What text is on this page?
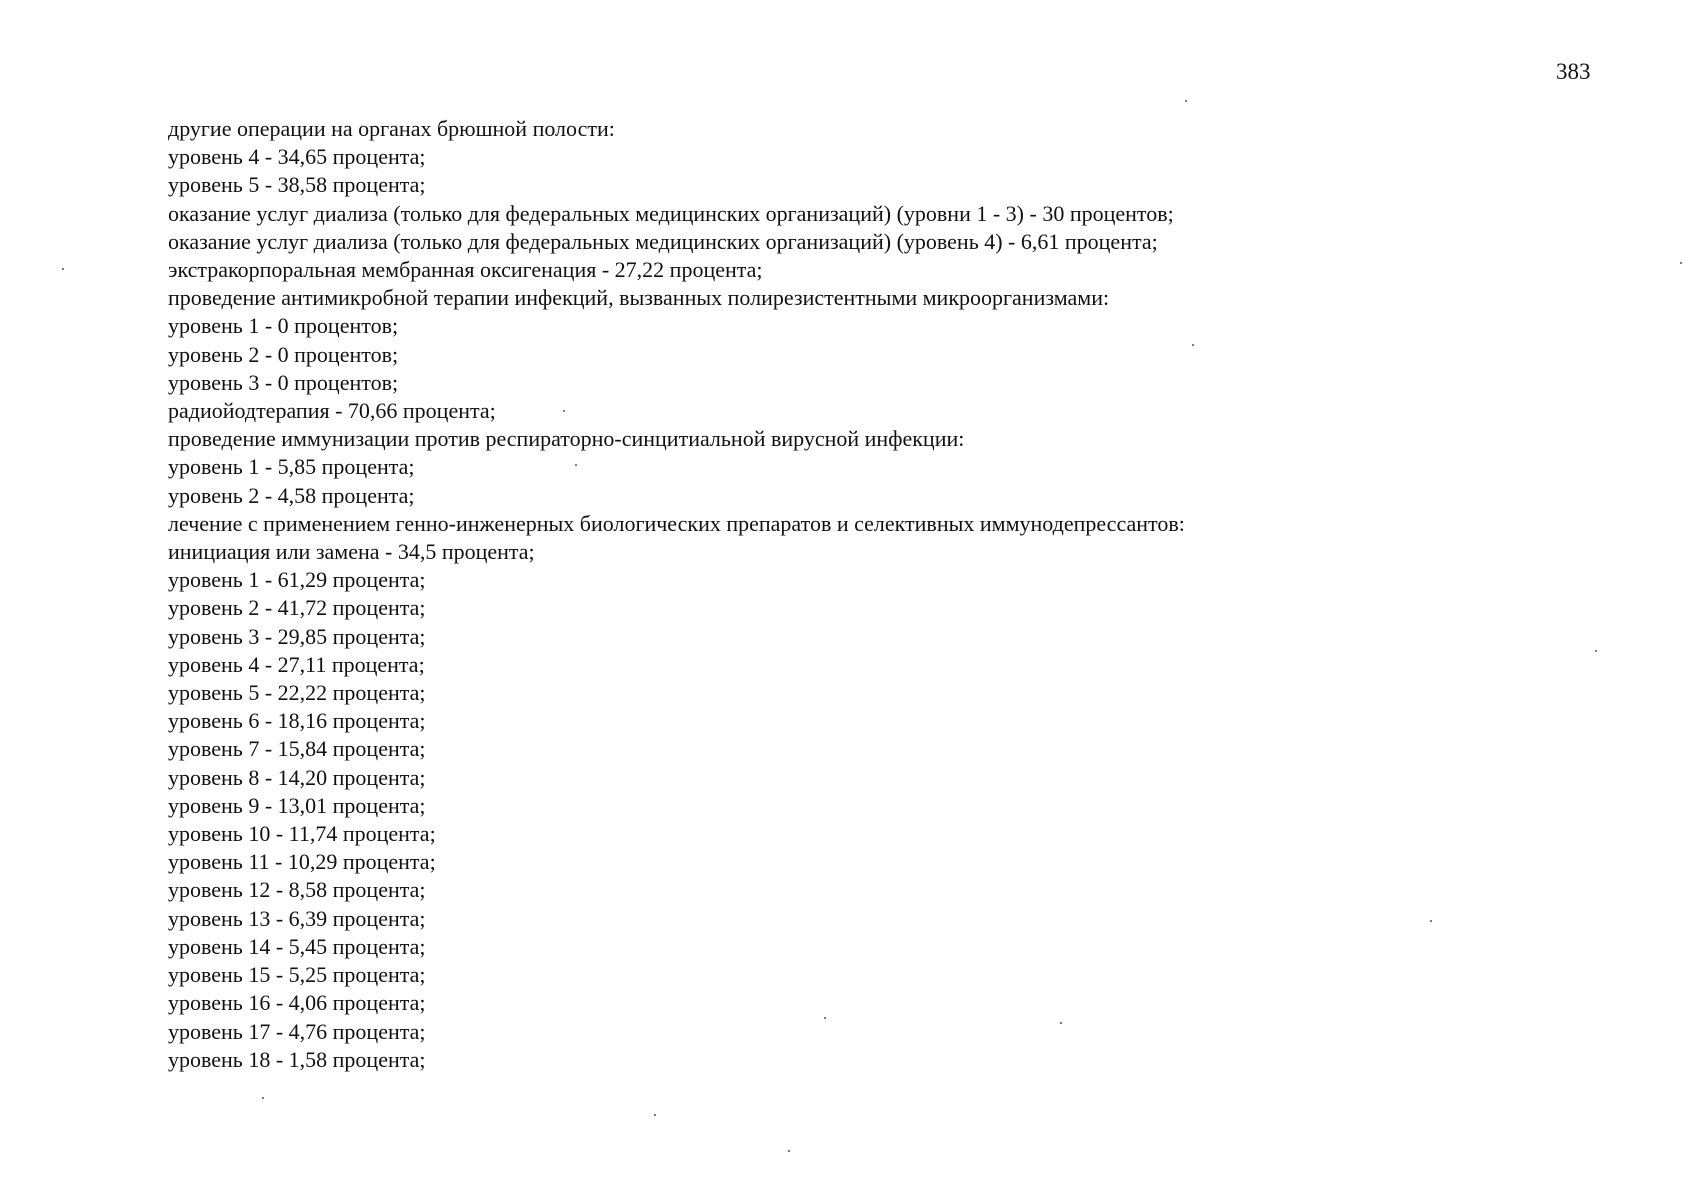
383
другие операции на органах брюшной полости:
уровень 4 - 34,65 процента;
уровень 5 - 38,58 процента;
оказание услуг диализа (только для федеральных медицинских организаций) (уровни 1 - 3) - 30 процентов;
оказание услуг диализа (только для федеральных медицинских организаций) (уровень 4) - 6,61 процента;
экстракорпоральная мембранная оксигенация - 27,22 процента;
проведение антимикробной терапии инфекций, вызванных полирезистентными микроорганизмами:
уровень 1 - 0 процентов;
уровень 2 - 0 процентов;
уровень 3 - 0 процентов;
радиойодтерапия - 70,66 процента;
проведение иммунизации против респираторно-синцитиальной вирусной инфекции:
уровень 1 - 5,85 процента;
уровень 2 - 4,58 процента;
лечение с применением генно-инженерных биологических препаратов и селективных иммунодепрессантов:
инициация или замена - 34,5 процента;
уровень 1 - 61,29 процента;
уровень 2 - 41,72 процента;
уровень 3 - 29,85 процента;
уровень 4 - 27,11 процента;
уровень 5 - 22,22 процента;
уровень 6 - 18,16 процента;
уровень 7 - 15,84 процента;
уровень 8 - 14,20 процента;
уровень 9 - 13,01 процента;
уровень 10 - 11,74 процента;
уровень 11 - 10,29 процента;
уровень 12 - 8,58 процента;
уровень 13 - 6,39 процента;
уровень 14 - 5,45 процента;
уровень 15 - 5,25 процента;
уровень 16 - 4,06 процента;
уровень 17 - 4,76 процента;
уровень 18 - 1,58 процента;
